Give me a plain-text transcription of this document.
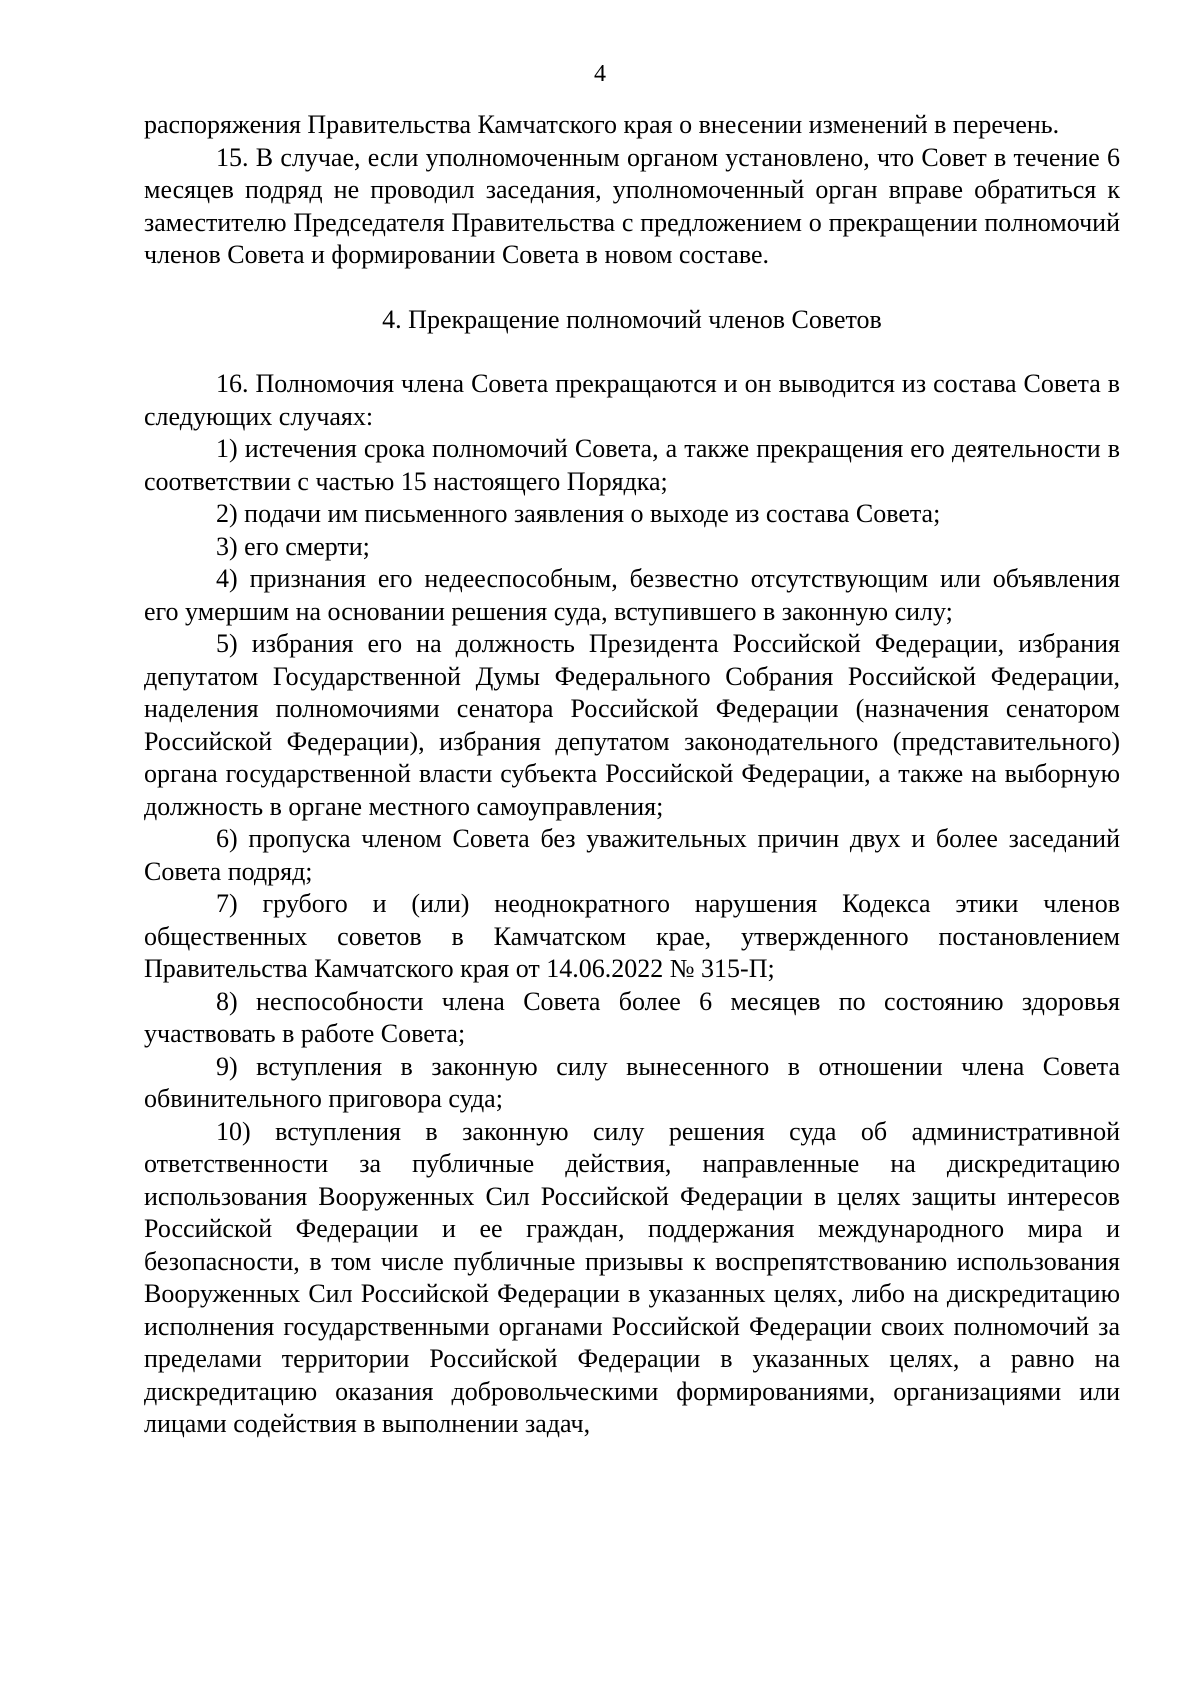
4

распоряжения Правительства Камчатского края о внесении изменений в перечень.

15. В случае, если уполномоченным органом установлено, что Совет в течение 6 месяцев подряд не проводил заседания, уполномоченный орган вправе обратиться к заместителю Председателя Правительства с предложением о прекращении полномочий членов Совета и формировании Совета в новом составе.

4. Прекращение полномочий членов Советов

16. Полномочия члена Совета прекращаются и он выводится из состава Совета в следующих случаях:

1) истечения срока полномочий Совета, а также прекращения его деятельности в соответствии с частью 15 настоящего Порядка;

2) подачи им письменного заявления о выходе из состава Совета;

3) его смерти;

4) признания его недееспособным, безвестно отсутствующим или объявления его умершим на основании решения суда, вступившего в законную силу;

5) избрания его на должность Президента Российской Федерации, избрания депутатом Государственной Думы Федерального Собрания Российской Федерации, наделения полномочиями сенатора Российской Федерации (назначения сенатором Российской Федерации), избрания депутатом законодательного (представительного) органа государственной власти субъекта Российской Федерации, а также на выборную должность в органе местного самоуправления;

6) пропуска членом Совета без уважительных причин двух и более заседаний Совета подряд;

7) грубого и (или) неоднократного нарушения Кодекса этики членов общественных советов в Камчатском крае, утвержденного постановлением Правительства Камчатского края от 14.06.2022 № 315-П;

8) неспособности члена Совета более 6 месяцев по состоянию здоровья участвовать в работе Совета;

9) вступления в законную силу вынесенного в отношении члена Совета обвинительного приговора суда;

10) вступления в законную силу решения суда об административной ответственности за публичные действия, направленные на дискредитацию использования Вооруженных Сил Российской Федерации в целях защиты интересов Российской Федерации и ее граждан, поддержания международного мира и безопасности, в том числе публичные призывы к воспрепятствованию использования Вооруженных Сил Российской Федерации в указанных целях, либо на дискредитацию исполнения государственными органами Российской Федерации своих полномочий за пределами территории Российской Федерации в указанных целях, а равно на дискредитацию оказания добровольческими формированиями, организациями или лицами содействия в выполнении задач,
